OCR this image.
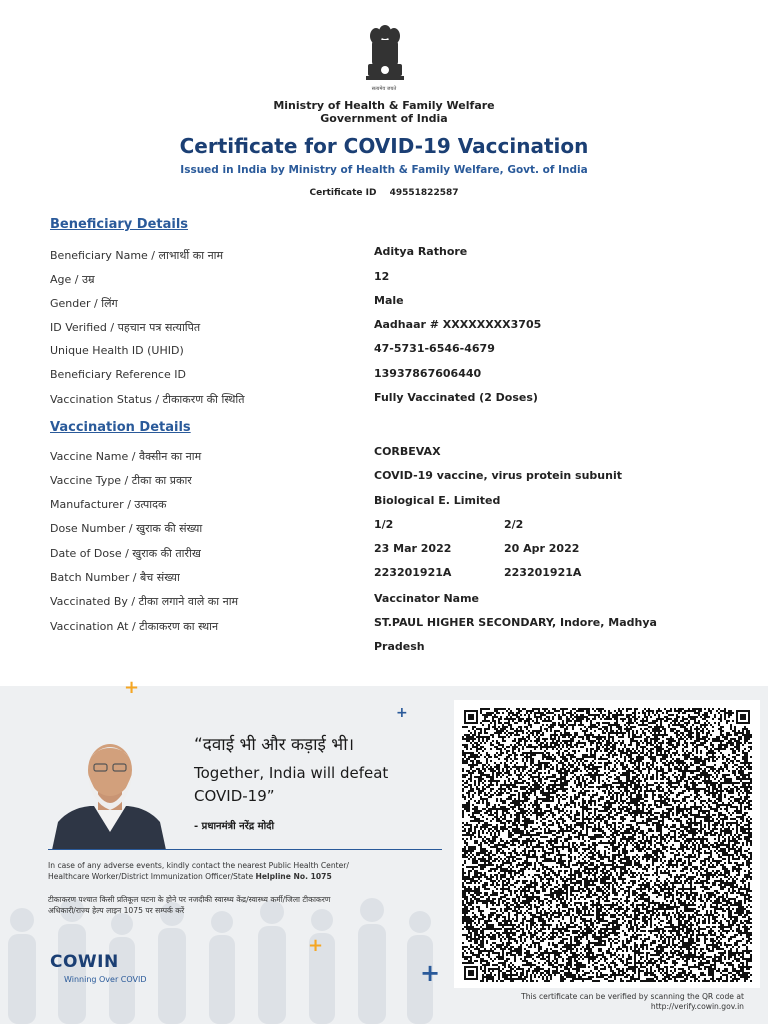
सत्यमेव जयते
Ministry of Health & Family Welfare
Government of India
Certificate for COVID-19 Vaccination
Issued in India by Ministry of Health & Family Welfare, Govt. of India
Certificate ID 49551822587
Beneficiary Details
Beneficiary Name / लाभार्थी का नाम	Aditya Rathore
Age / उम्र	12
Gender / लिंग	Male
ID Verified / पहचान पत्र सत्यापित	Aadhaar # XXXXXXXX3705
Unique Health ID (UHID)	47-5731-6546-4679
Beneficiary Reference ID	13937867606440
Vaccination Status / टीकाकरण की स्थिति	Fully Vaccinated (2 Doses)
Vaccination Details
Vaccine Name / वैक्सीन का नाम	CORBEVAX
Vaccine Type / टीका का प्रकार	COVID-19 vaccine, virus protein subunit
Manufacturer / उत्पादक	Biological E. Limited
Dose Number / खुराक की संख्या	1/2	2/2
Date of Dose / खुराक की तारीख	23 Mar 2022	20 Apr 2022
Batch Number / बैच संख्या	223201921A	223201921A
Vaccinated By / टीका लगाने वाले का नाम	Vaccinator Name
Vaccination At / टीकाकरण का स्थान	ST.PAUL HIGHER SECONDARY, Indore, Madhya
Pradesh
+
+
+
+
“दवाई भी और कड़ाई भी।
Together, India will defeat COVID-19”
- प्रधानमंत्री नरेंद्र मोदी
In case of any adverse events, kindly contact the nearest Public Health Center/
Healthcare Worker/District Immunization Officer/State Helpline No. 1075
टीकाकरण पश्चात किसी प्रतिकूल घटना के होने पर नजदीकी स्वास्थ्य केंद्र/स्वास्थ्य कर्मी/जिला टीकाकरण
अधिकारी/राज्य हेल्प लाइन 1075 पर सम्पर्क करें
COWIN
Winning Over COVID
This certificate can be verified by scanning the QR code at
http://verify.cowin.gov.in
